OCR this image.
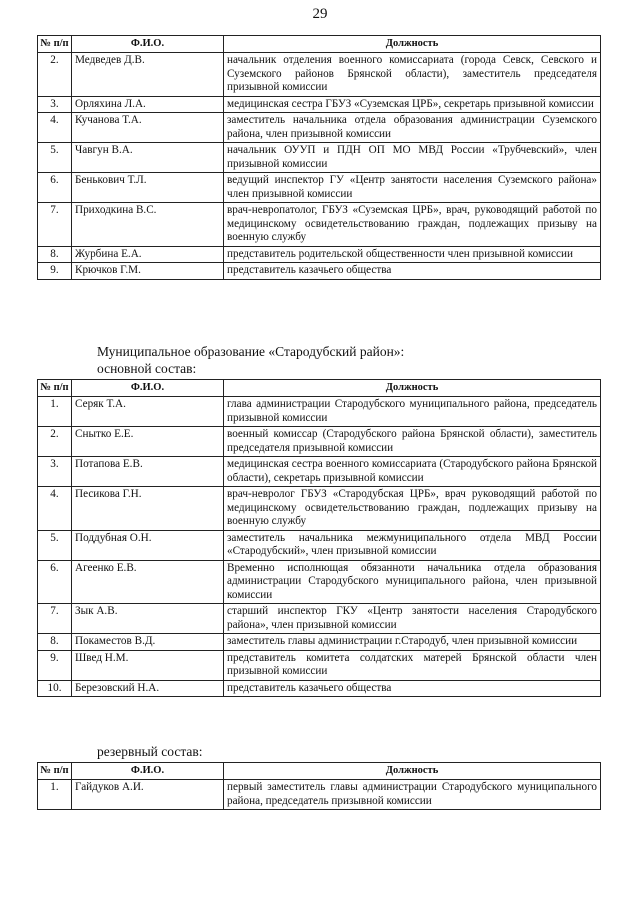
29
№ п/п	Ф.И.О.	Должность
2.	Медведев Д.В.	начальник отделения военного комиссариата (города Севск, Севского и Суземского районов Брянской области), заместитель председателя призывной комиссии
3.	Орляхина Л.А.	медицинская сестра ГБУЗ «Суземская ЦРБ», секретарь призывной комиссии
4.	Кучанова Т.А.	заместитель начальника отдела образования администрации Суземского района, член призывной комиссии
5.	Чавгун В.А.	начальник ОУУП и ПДН ОП МО МВД России «Трубчевский», член призывной комиссии
6.	Бенькович Т.Л.	ведущий инспектор ГУ «Центр занятости населения Суземского района» член призывной комиссии
7.	Приходкина В.С.	врач-невропатолог, ГБУЗ «Суземская ЦРБ», врач, руководящий работой по медицинскому освидетельствованию граждан, подлежащих призыву на военную службу
8.	Журбина Е.А.	представитель родительской общественности член призывной комиссии
9.	Крючков Г.М.	представитель казачьего общества
Муниципальное образование «Стародубский район»:
основной состав:
№ п/п	Ф.И.О.	Должность
1.	Серяк Т.А.	глава администрации Стародубского муниципального района, председатель призывной комиссии
2.	Снытко Е.Е.	военный комиссар (Стародубского района Брянской области), заместитель председателя призывной комиссии
3.	Потапова Е.В.	медицинская сестра военного комиссариата (Стародубского района Брянской области), секретарь призывной комиссии
4.	Песикова Г.Н.	врач-невролог ГБУЗ «Стародубская ЦРБ», врач руководящий работой по медицинскому освидетельствованию граждан, подлежащих призыву на военную службу
5.	Поддубная О.Н.	заместитель начальника межмуниципального отдела МВД России «Стародубский», член призывной комиссии
6.	Агеенко Е.В.	Временно исполнющая обязанноти начальника отдела образования администрации Стародубского муниципального района, член призывной комиссии
7.	Зык А.В.	старший инспектор ГКУ «Центр занятости населения Стародубского района», член призывной комиссии
8.	Покаместов В.Д.	заместитель главы администрации г.Стародуб, член призывной комиссии
9.	Швед Н.М.	представитель комитета солдатских матерей Брянской области член призывной комиссии
10.	Березовский Н.А.	представитель казачьего общества
резервный состав:
№ п/п	Ф.И.О.	Должность
1.	Гайдуков А.И.	первый заместитель главы администрации Стародубского муниципального района, председатель призывной комиссии
